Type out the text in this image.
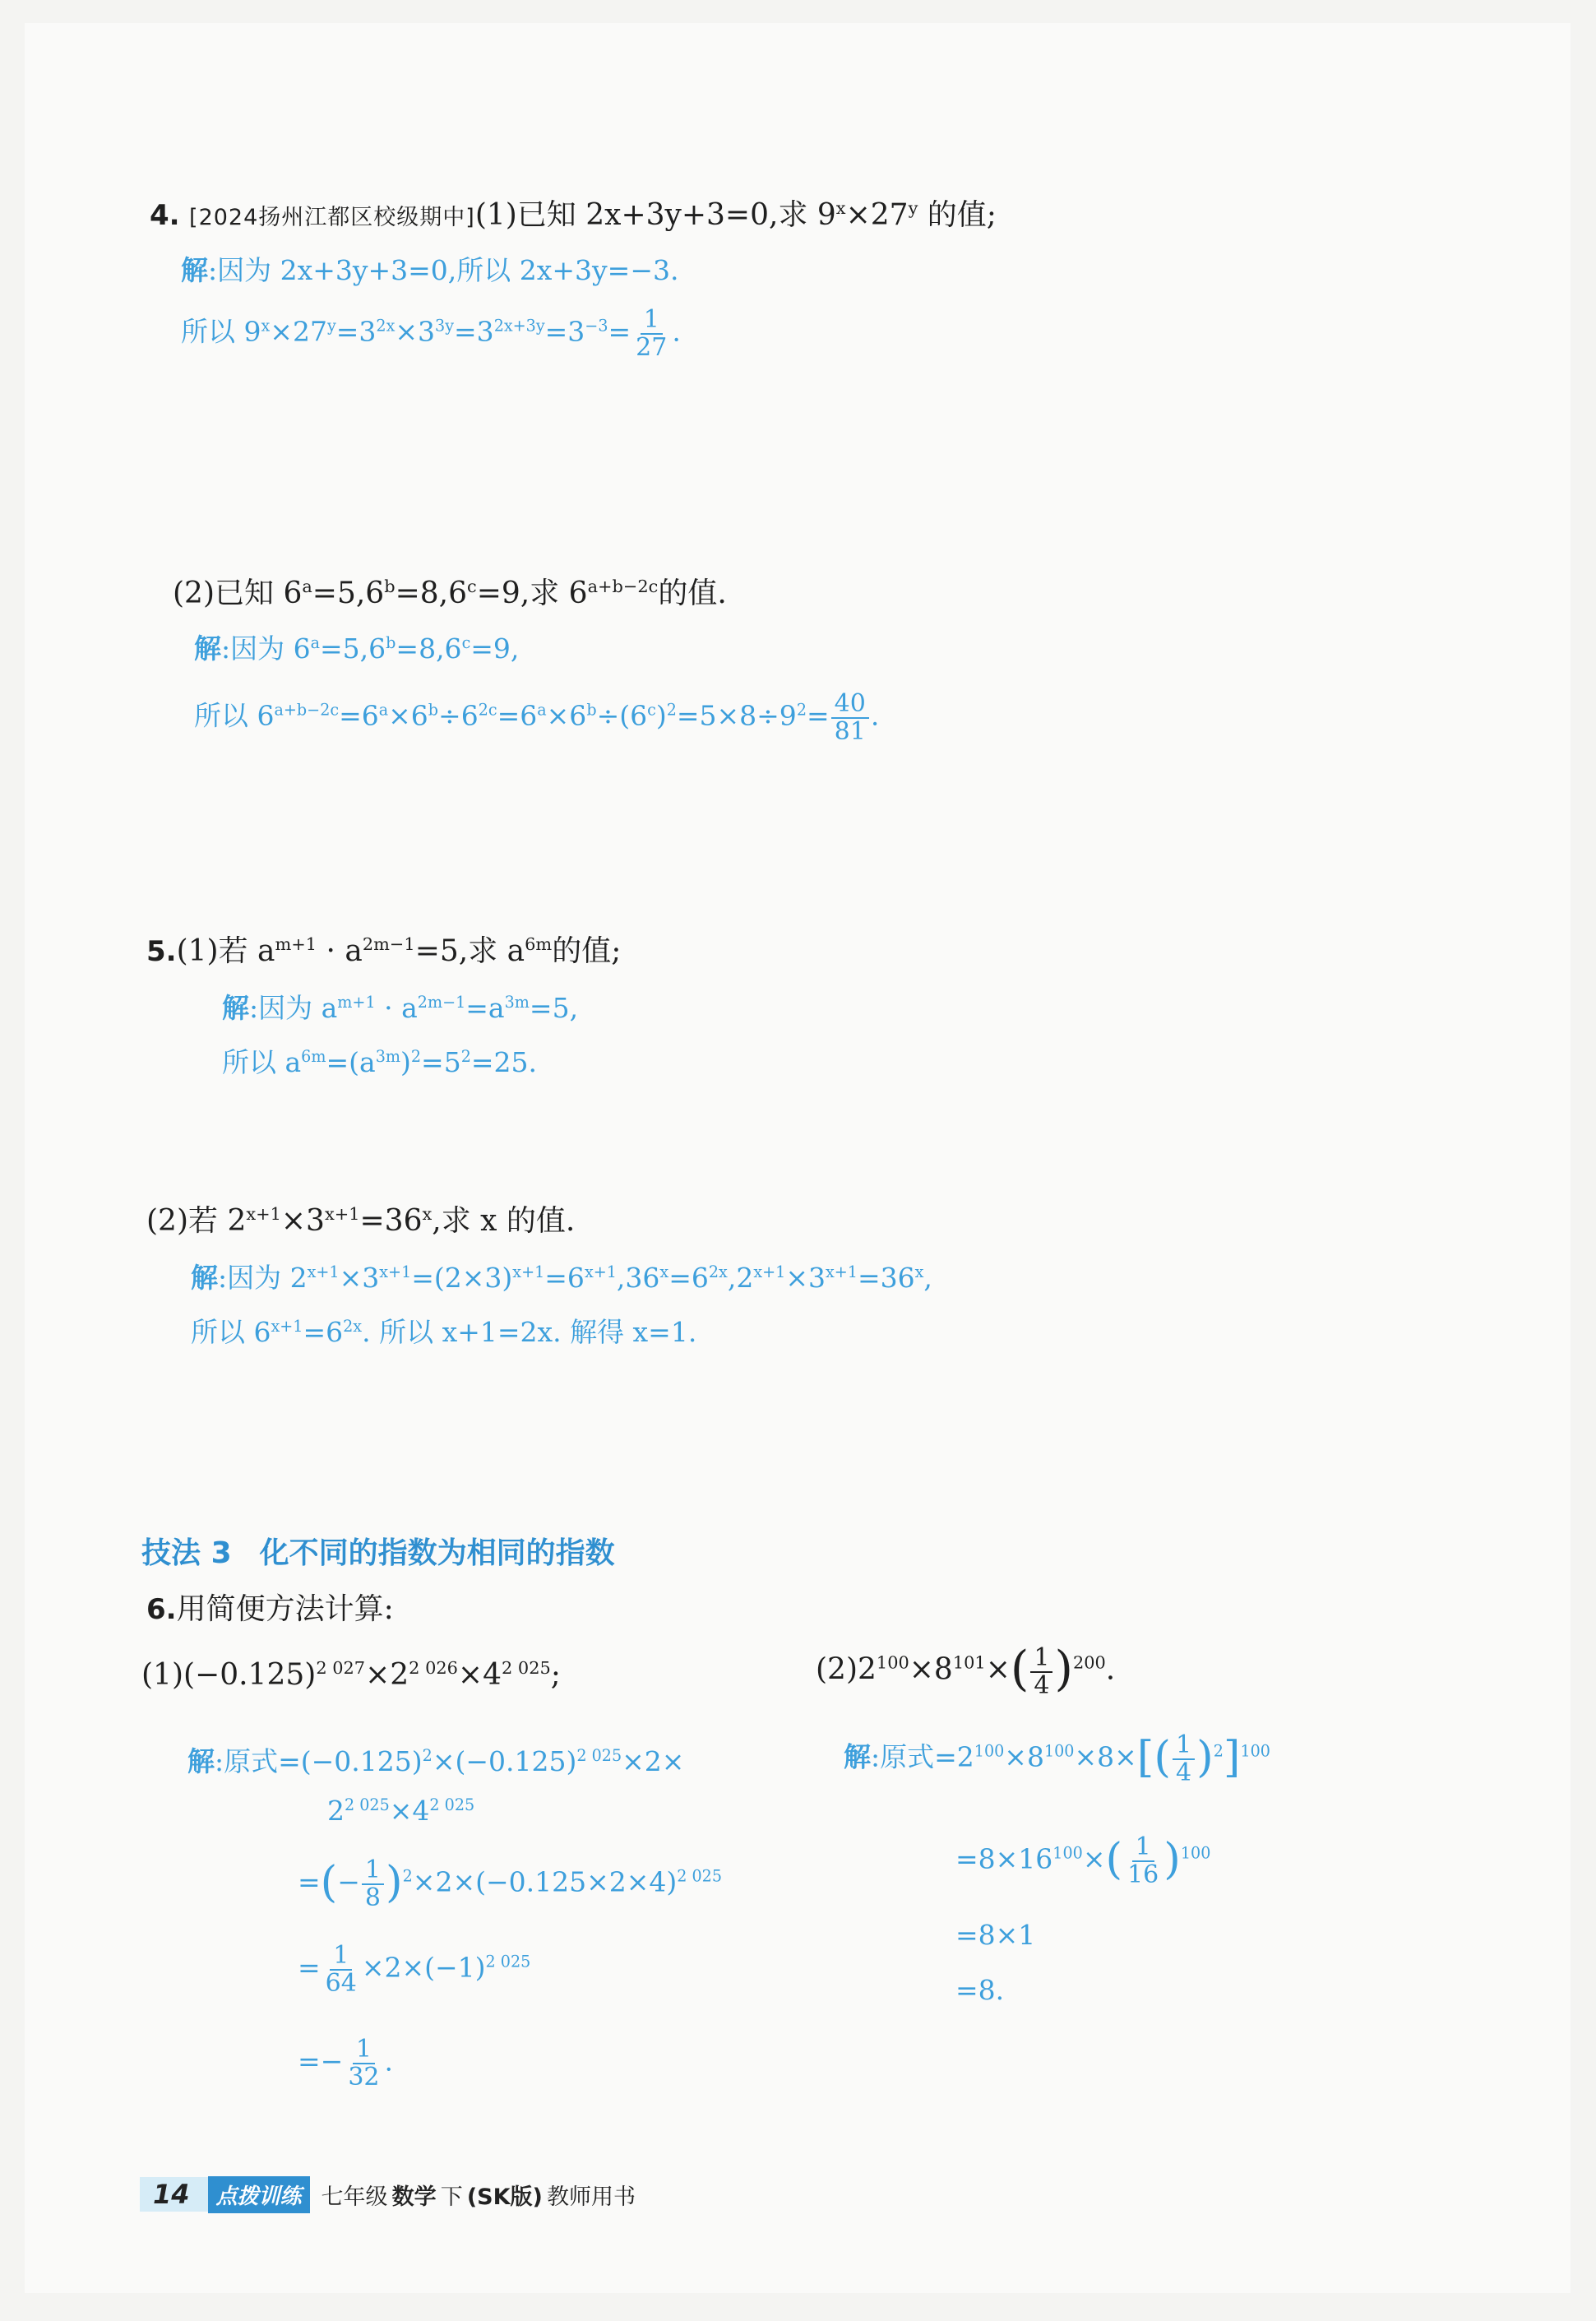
4. [2024扬州江都区校级期中](1)已知 2x+3y+3=0,求 $9^x\times 27^y$ 的值;
解:因为 2x+3y+3=0,所以 2x+3y=−3.
所以 $9^x\times 27^y=3^{2x}\times 3^{3y}=3^{2x+3y}=3^{-3}= \frac{1}{27}$ .
(2)已知 $6^a=5,6^b=8,6^c=9$,求 $6^{a+b-2c}$的值.
解:因为 $6^a=5,6^b=8,6^c=9$,
所以 $6^{a+b-2c}=6^a\times 6^b\div 6^{2c}=6^a\times 6^b\div(6^c)^2=5\times 8\div 9^2= \frac{40}{81}$ .
5.(1)若 $a^{m+1} \cdot a^{2m-1}=5$,求 $a^{6m}$的值;
解:因为 $a^{m+1} \cdot a^{2m-1}=a^{3m}=5$,
所以 $a^{6m}=(a^{3m})^2=5^2=25$.
(2)若 $2^{x+1}\times 3^{x+1}=36^x$,求 x 的值.
解:因为 $2^{x+1}\times 3^{x+1}=(2\times 3)^{x+1}=6^{x+1},36^x=6^{2x},2^{x+1}\times 3^{x+1}=36^x$,
所以 $6^{x+1}=6^{2x}$. 所以 x+1=2x. 解得 x=1.
技法 3 化不同的指数为相同的指数
6.用简便方法计算:
$(1)(-0.125)^{2 027}\times 2^{2 026}\times 4^{2 025}$;	$(2)2^{100}\times 8^{101}\times( \frac{1}{4} )^{200}$.
解:原式$=(-0.125)^2\times(-0.125)^{2 025}\times 2\times$
$2^{2 025}\times 4^{2 025}$
=(− $\frac{1}{8} )^2\times 2\times(-0.125\times 2\times 4)^{2 025}$
= $\frac{1}{64} \times 2\times(-1)^{2 025}$
=− $\frac{1}{32}$ .
解:原式$=2^{100}\times 8^{100}\times 8\times[( \frac{1}{4} )^2]^{100}$
$=8\times 16^{100}\times( \frac{1}{16} )^{100}$
=8×1
=8.
14	点拨训练 七年级
数学
下
(SK版)
教师用书
